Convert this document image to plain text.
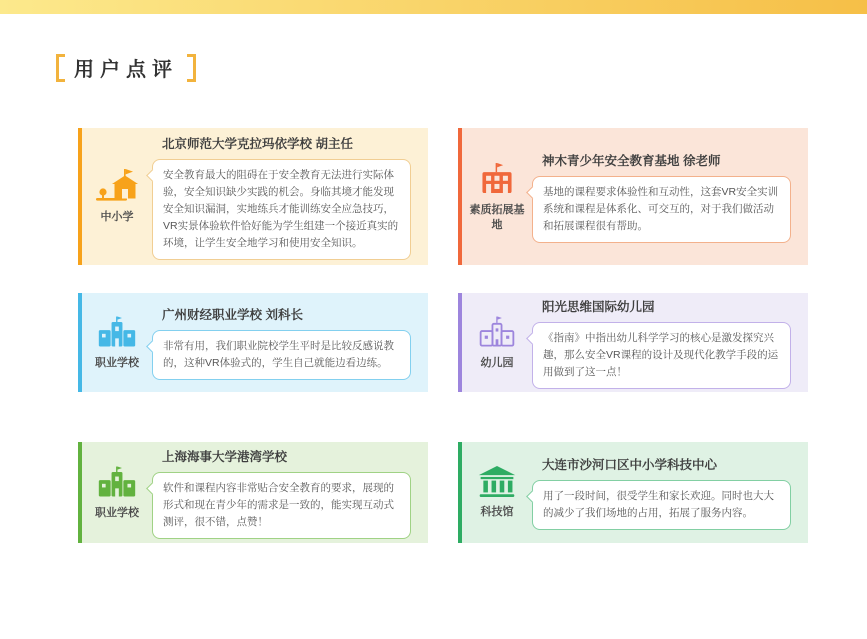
用户点评
中小学
北京师范大学克拉玛依学校 胡主任
安全教育最大的阻碍在于安全教育无法进行实际体验，安全知识缺少实践的机会。身临其境才能发现安全知识漏洞，实地练兵才能训练安全应急技巧，VR实景体验软件恰好能为学生组建一个接近真实的环境，让学生安全地学习和使用安全知识。
素质拓展基地
神木青少年安全教育基地 徐老师
基地的课程要求体验性和互动性，这套VR安全实训系统和课程是体系化、可交互的，对于我们做活动和拓展课程很有帮助。
职业学校
广州财经职业学校 刘科长
非常有用，我们职业院校学生平时是比较反感说教的，这种VR体验式的，学生自己就能边看边练。	幼儿园
阳光思维国际幼儿园
《指南》中指出幼儿科学学习的核心是激发探究兴趣，那么安全VR课程的设计及现代化教学手段的运用做到了这一点！
职业学校
上海海事大学港湾学校
软件和课程内容非常贴合安全教育的要求，展现的形式和现在青少年的需求是一致的，能实现互动式测评，很不错，点赞！
科技馆
大连市沙河口区中小学科技中心
用了一段时间，很受学生和家长欢迎。同时也大大的减少了我们场地的占用，拓展了服务内容。
